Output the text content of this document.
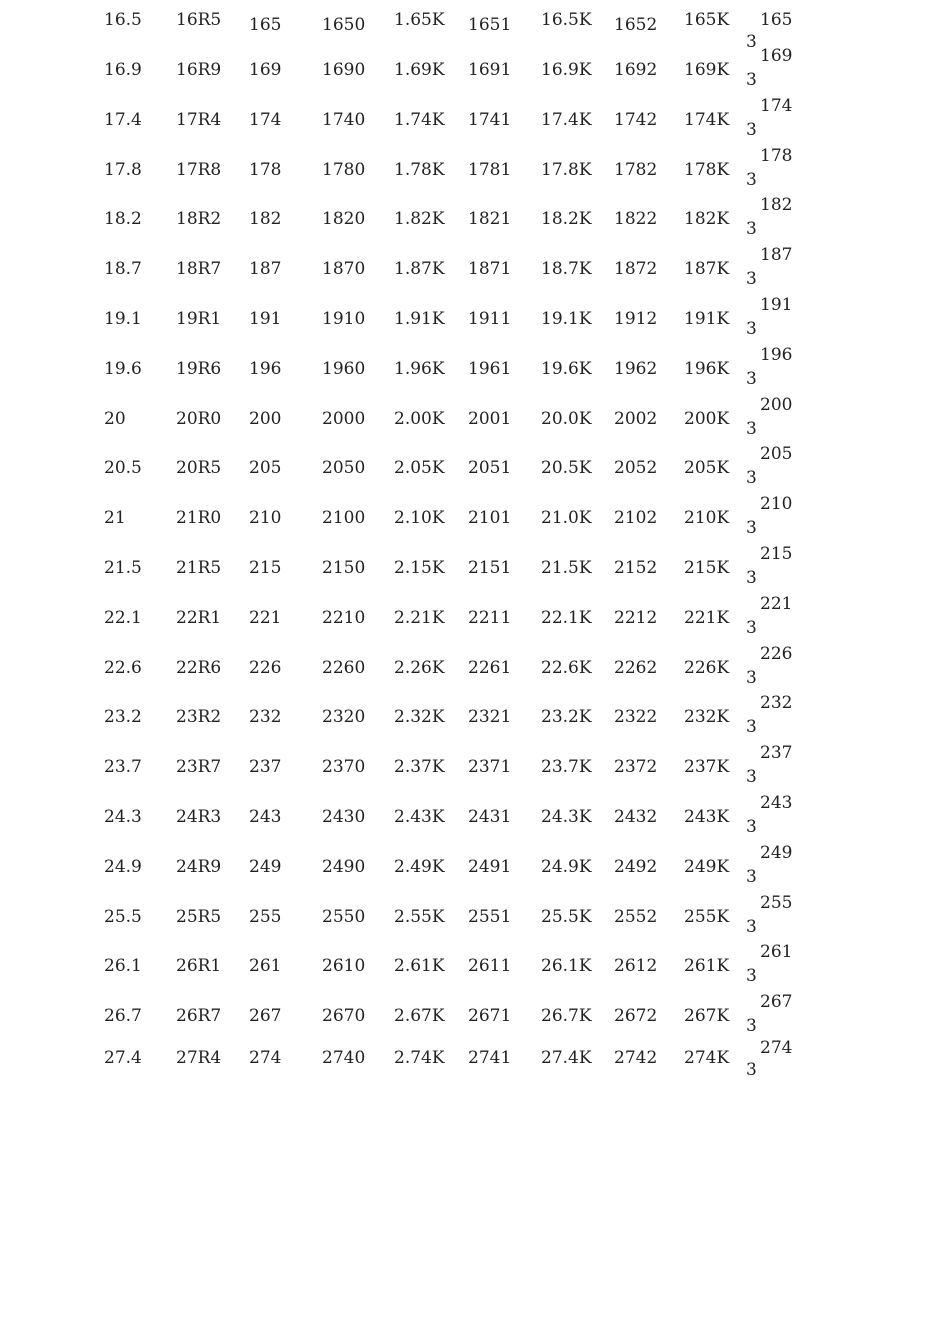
16.5 16R5 165 1650 1.65K 1651 16.5K 1652 165K 165
3
16.9 16R9 169 1690 1.69K 1691 16.9K 1692 169K
169
3
17.4 17R4 174 1740 1.74K 1741 17.4K 1742 174K
174
3
17.8 17R8 178 1780 1.78K 1781 17.8K 1782 178K
178
3
18.2 18R2 182 1820 1.82K 1821 18.2K 1822 182K
182
3
18.7 18R7 187 1870 1.87K 1871 18.7K 1872 187K
187
3
19.1 19R1 191 1910 1.91K 1911 19.1K 1912 191K
191
3
19.6 19R6 196 1960 1.96K 1961 19.6K 1962 196K
196
3
20	20R0 200 2000 2.00K 2001 20.0K 2002 200K
200
3
20.5 20R5 205 2050 2.05K 2051 20.5K 2052 205K
205
3
21	21R0 210 2100 2.10K 2101 21.0K 2102 210K
210
3
21.5 21R5 215 2150 2.15K 2151 21.5K 2152 215K
215
3
22.1 22R1 221 2210 2.21K 2211 22.1K 2212 221K
221
3
22.6 22R6 226 2260 2.26K 2261 22.6K 2262 226K
226
3
23.2 23R2 232 2320 2.32K 2321 23.2K 2322 232K
232
3
23.7 23R7 237 2370 2.37K 2371 23.7K 2372 237K
237
3
24.3 24R3 243 2430 2.43K 2431 24.3K 2432 243K
243
3
24.9 24R9 249 2490 2.49K 2491 24.9K 2492 249K
249
3
25.5 25R5 255 2550 2.55K 2551 25.5K 2552 255K
255
3
26.1 26R1 261 2610 2.61K 2611 26.1K 2612 261K
261
3
26.7 26R7 267 2670 2.67K 2671 26.7K 2672 267K
267
3
27.4 27R4 274 2740 2.74K 2741 27.4K 2742 274K 274
3
